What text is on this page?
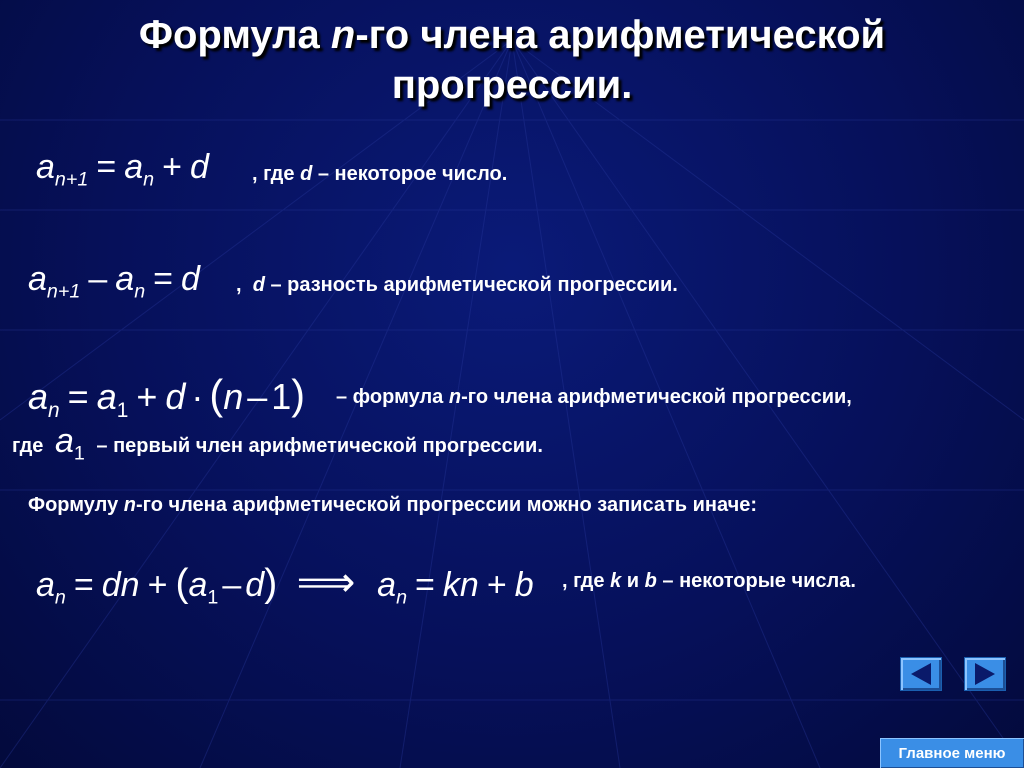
Формула n-го члена арифметической
прогрессии.
$a_{n+1} = a_n + d$ , где d – некоторое число.
$a_{n+1} - a_n = d$ , d – разность арифметической прогрессии.
$a_n = a_1 + d \cdot (n - 1)$ – формула n-го члена арифметической прогрессии,
где $a_1$ – первый член арифметической прогрессии.
Формулу n-го члена арифметической прогрессии можно записать иначе:
$a_n$ = dn + $(a_1 - d)$ ⟹ $a_n$ = kn + b , где k и b – некоторые числа.
Главное меню
